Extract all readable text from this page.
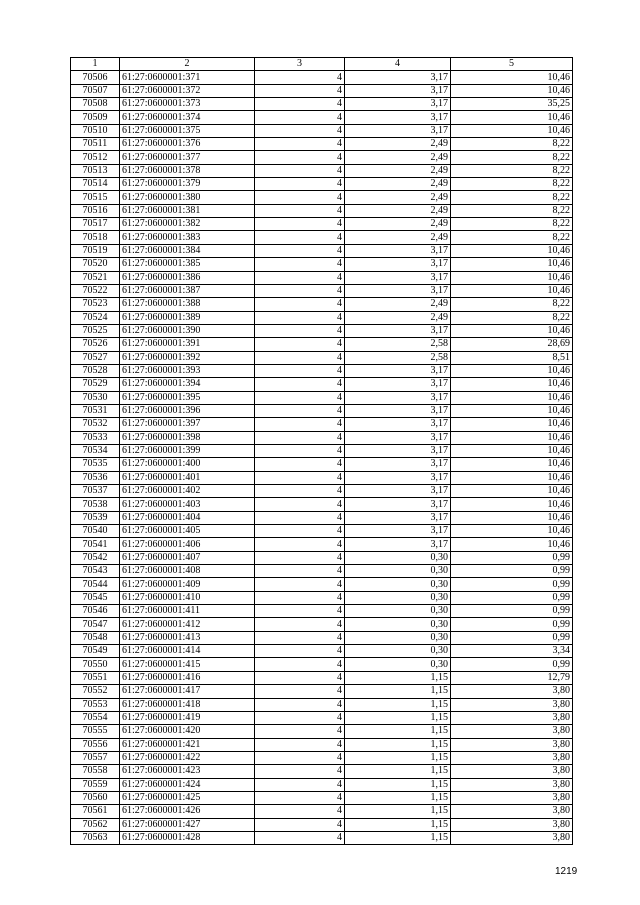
1	2	3	4	5
70506	61:27:0600001:371	4	3,17	10,46
70507	61:27:0600001:372	4	3,17	10,46
70508	61:27:0600001:373	4	3,17	35,25
70509	61:27:0600001:374	4	3,17	10,46
70510	61:27:0600001:375	4	3,17	10,46
70511	61:27:0600001:376	4	2,49	8,22
70512	61:27:0600001:377	4	2,49	8,22
70513	61:27:0600001:378	4	2,49	8,22
70514	61:27:0600001:379	4	2,49	8,22
70515	61:27:0600001:380	4	2,49	8,22
70516	61:27:0600001:381	4	2,49	8,22
70517	61:27:0600001:382	4	2,49	8,22
70518	61:27:0600001:383	4	2,49	8,22
70519	61:27:0600001:384	4	3,17	10,46
70520	61:27:0600001:385	4	3,17	10,46
70521	61:27:0600001:386	4	3,17	10,46
70522	61:27:0600001:387	4	3,17	10,46
70523	61:27:0600001:388	4	2,49	8,22
70524	61:27:0600001:389	4	2,49	8,22
70525	61:27:0600001:390	4	3,17	10,46
70526	61:27:0600001:391	4	2,58	28,69
70527	61:27:0600001:392	4	2,58	8,51
70528	61:27:0600001:393	4	3,17	10,46
70529	61:27:0600001:394	4	3,17	10,46
70530	61:27:0600001:395	4	3,17	10,46
70531	61:27:0600001:396	4	3,17	10,46
70532	61:27:0600001:397	4	3,17	10,46
70533	61:27:0600001:398	4	3,17	10,46
70534	61:27:0600001:399	4	3,17	10,46
70535	61:27:0600001:400	4	3,17	10,46
70536	61:27:0600001:401	4	3,17	10,46
70537	61:27:0600001:402	4	3,17	10,46
70538	61:27:0600001:403	4	3,17	10,46
70539	61:27:0600001:404	4	3,17	10,46
70540	61:27:0600001:405	4	3,17	10,46
70541	61:27:0600001:406	4	3,17	10,46
70542	61:27:0600001:407	4	0,30	0,99
70543	61:27:0600001:408	4	0,30	0,99
70544	61:27:0600001:409	4	0,30	0,99
70545	61:27:0600001:410	4	0,30	0,99
70546	61:27:0600001:411	4	0,30	0,99
70547	61:27:0600001:412	4	0,30	0,99
70548	61:27:0600001:413	4	0,30	0,99
70549	61:27:0600001:414	4	0,30	3,34
70550	61:27:0600001:415	4	0,30	0,99
70551	61:27:0600001:416	4	1,15	12,79
70552	61:27:0600001:417	4	1,15	3,80
70553	61:27:0600001:418	4	1,15	3,80
70554	61:27:0600001:419	4	1,15	3,80
70555	61:27:0600001:420	4	1,15	3,80
70556	61:27:0600001:421	4	1,15	3,80
70557	61:27:0600001:422	4	1,15	3,80
70558	61:27:0600001:423	4	1,15	3,80
70559	61:27:0600001:424	4	1,15	3,80
70560	61:27:0600001:425	4	1,15	3,80
70561	61:27:0600001:426	4	1,15	3,80
70562	61:27:0600001:427	4	1,15	3,80
70563	61:27:0600001:428	4	1,15	3,80
1219
